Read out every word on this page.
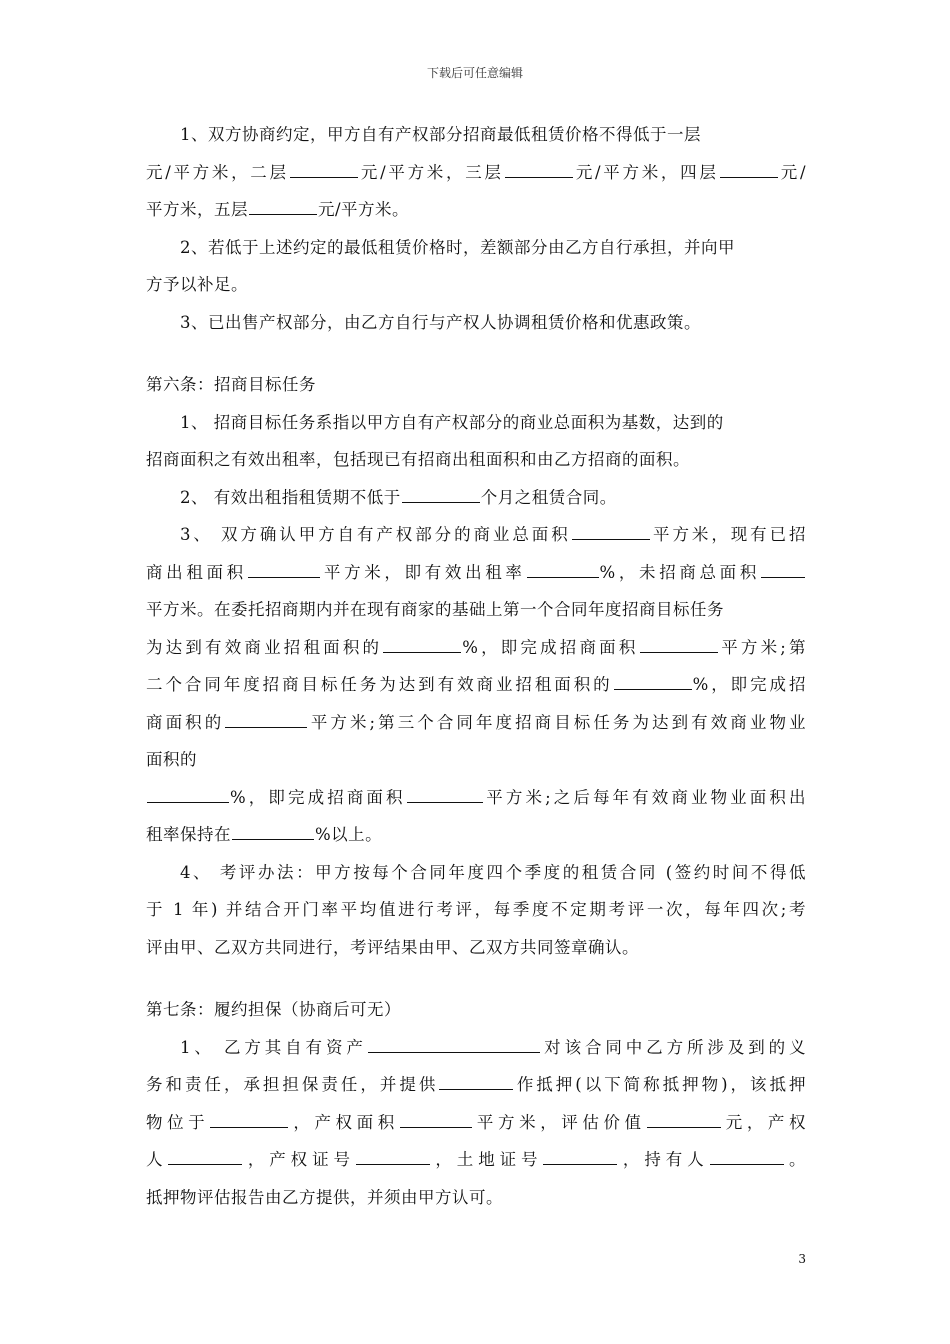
下载后可任意编辑
1、双方协商约定，甲方自有产权部分招商最低租赁价格不得低于一层
元/平方米，二层	元/平方米，三层	元/平方米，四层	元/
平方米，五层	元/平方米。
2、若低于上述约定的最低租赁价格时，差额部分由乙方自行承担，并向甲
方予以补足。
3、已出售产权部分，由乙方自行与产权人协调租赁价格和优惠政策。
第六条：招商目标任务
1、 招商目标任务系指以甲方自有产权部分的商业总面积为基数，达到的
招商面积之有效出租率，包括现已有招商出租面积和由乙方招商的面积。
2、 有效出租指租赁期不低于	个月之租赁合同。
3、 双方确认甲方自有产权部分的商业总面积	平方米，现有已招
商出租面积	平方米，即有效出租率	%，未招商总面积
平方米。在委托招商期内并在现有商家的基础上第一个合同年度招商目标任务
为达到有效商业招租面积的	%，即完成招商面积	平方米;第
二个合同年度招商目标任务为达到有效商业招租面积的	%，即完成招
商面积的	平方米;第三个合同年度招商目标任务为达到有效商业物业
面积的
%，即完成招商面积	平方米;之后每年有效商业物业面积出
租率保持在	%以上。
4、 考评办法：甲方按每个合同年度四个季度的租赁合同 (签约时间不得低
于 1 年) 并结合开门率平均值进行考评，每季度不定期考评一次，每年四次;考
评由甲、乙双方共同进行，考评结果由甲、乙双方共同签章确认。
第七条：履约担保（协商后可无）
1、 乙方其自有资产	对该合同中乙方所涉及到的义
务和责任，承担担保责任，并提供	作抵押(以下简称抵押物)，该抵押
物位于	，产权面积	平方米，评估价值	元，产权
人	，产权证号	，土地证号	，持有人	。
抵押物评估报告由乙方提供，并须由甲方认可。
3
